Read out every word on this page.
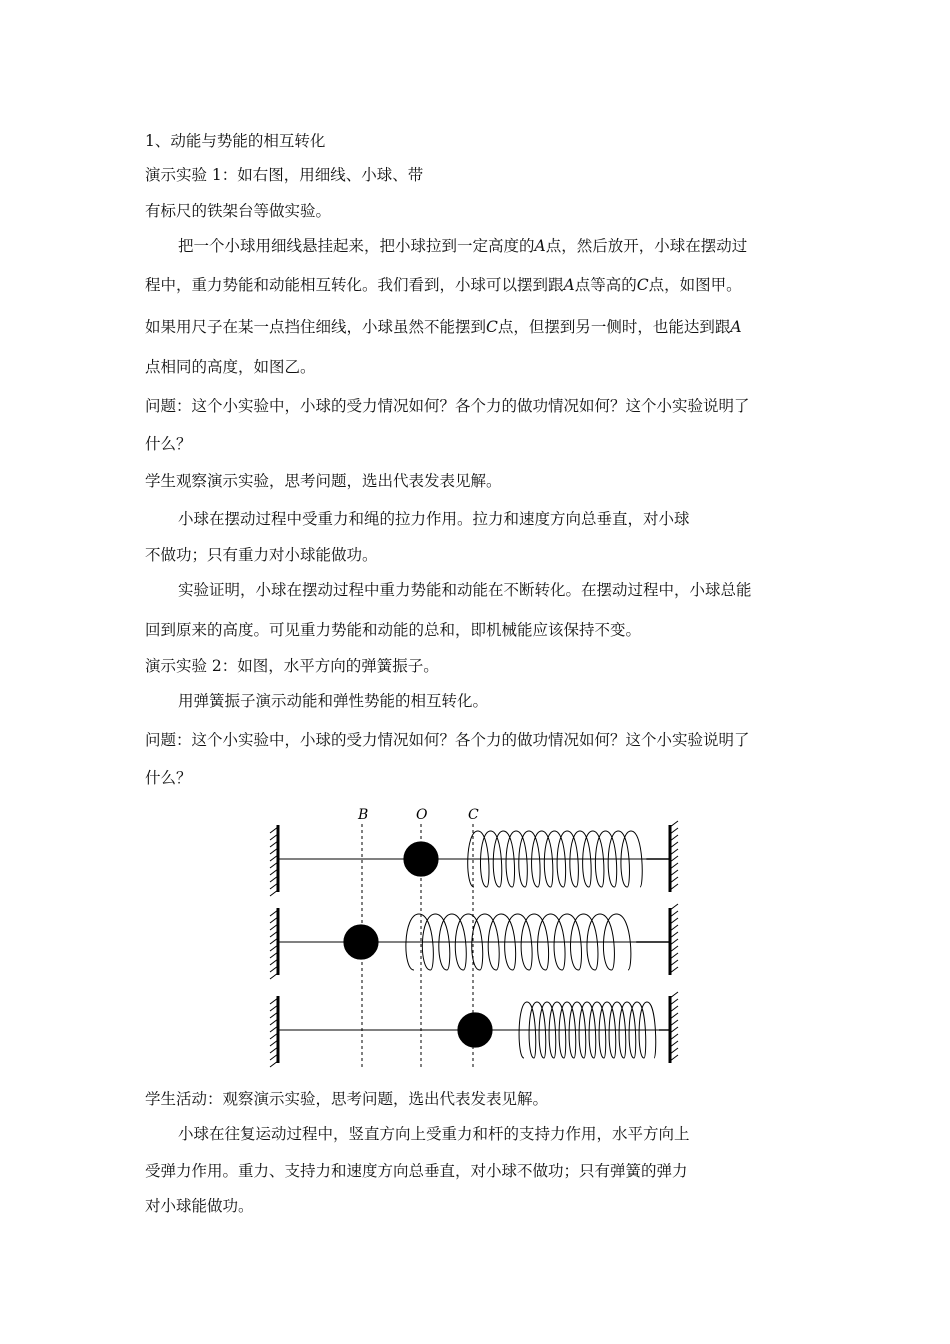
1、动能与势能的相互转化
演示实验 1：如右图，用细线、小球、带
有标尺的铁架台等做实验。
把一个小球用细线悬挂起来，把小球拉到一定高度的A点，然后放开，小球在摆动过
程中，重力势能和动能相互转化。我们看到，小球可以摆到跟A点等高的C点，如图甲。
如果用尺子在某一点挡住细线，小球虽然不能摆到C点，但摆到另一侧时，也能达到跟A
点相同的高度，如图乙。
问题：这个小实验中，小球的受力情况如何？各个力的做功情况如何？这个小实验说明了
什么？
学生观察演示实验，思考问题，选出代表发表见解。
小球在摆动过程中受重力和绳的拉力作用。拉力和速度方向总垂直，对小球
不做功；只有重力对小球能做功。
实验证明，小球在摆动过程中重力势能和动能在不断转化。在摆动过程中，小球总能
回到原来的高度。可见重力势能和动能的总和，即机械能应该保持不变。
演示实验 2：如图，水平方向的弹簧振子。
用弹簧振子演示动能和弹性势能的相互转化。
问题：这个小实验中，小球的受力情况如何？各个力的做功情况如何？这个小实验说明了
什么？
B	O	C
学生活动：观察演示实验，思考问题，选出代表发表见解。
小球在往复运动过程中，竖直方向上受重力和杆的支持力作用，水平方向上
受弹力作用。重力、支持力和速度方向总垂直，对小球不做功；只有弹簧的弹力
对小球能做功。
